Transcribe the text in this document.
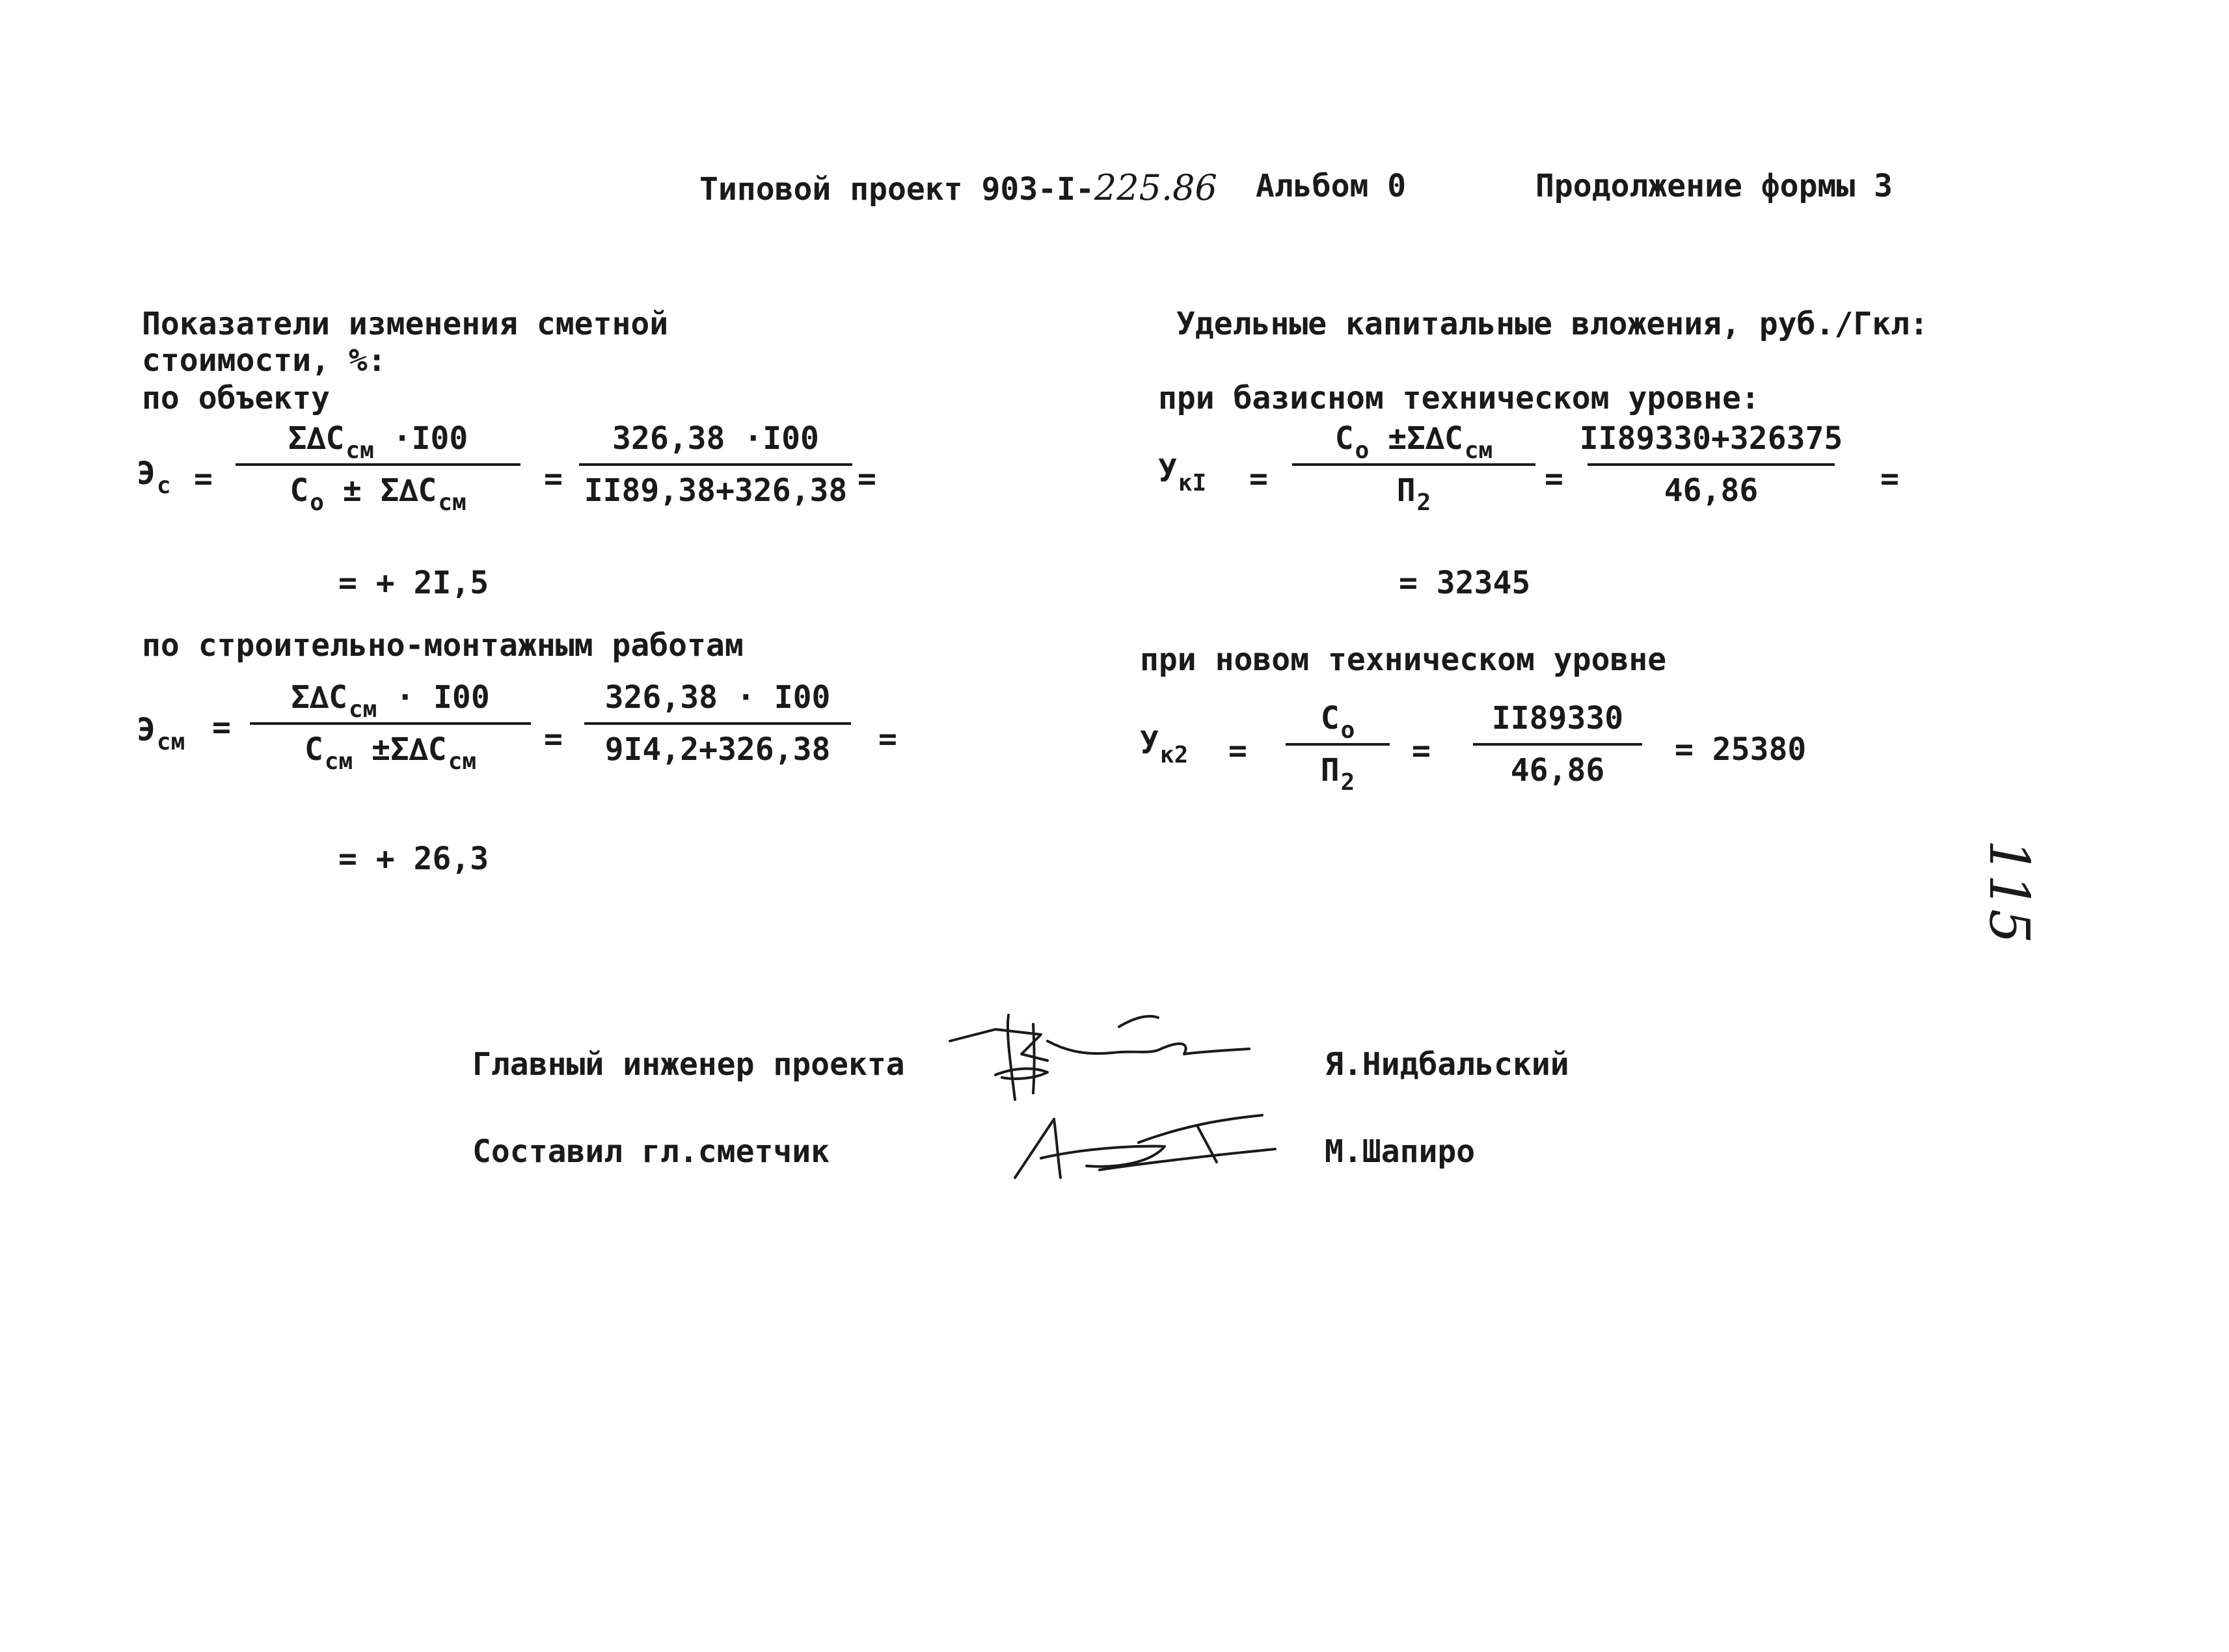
Типовой проект 903-I-225.86 Альбом 0	Продолжение формы 3
Показатели изменения сметной
стоимости, %:
по объекту
$Э_с$ =
$\Sigma\Delta C_{см} \cdot I00$
$C_о \pm \Sigma\Delta C_{см}$
=
326,38 ·I00
II89,38+326,38 =
= + 2I,5
по строительно-монтажным работам
$Э_{см}$ =
$\Sigma\Delta C_{см} \cdot I00$
$C_{см} \pm\Sigma\Delta C_{см}$
=
326,38 · I00
9I4,2+326,38 =
= + 26,3
Удельные капитальные вложения, руб./Гкл:
при базисном техническом уровне:
$У_{кI}$ =
$C_о \pm\Sigma\Delta C_{см}$
$П_2$
=
II89330+326375
46,86	=
= 32345
при новом техническом уровне
$У_{к2}$ =
$C_о$
$П_2$
=
II89330
46,86
= 25380
115
Главный инженер проекта	Я.Нидбальский
Составил гл.сметчик	М.Шапиро
